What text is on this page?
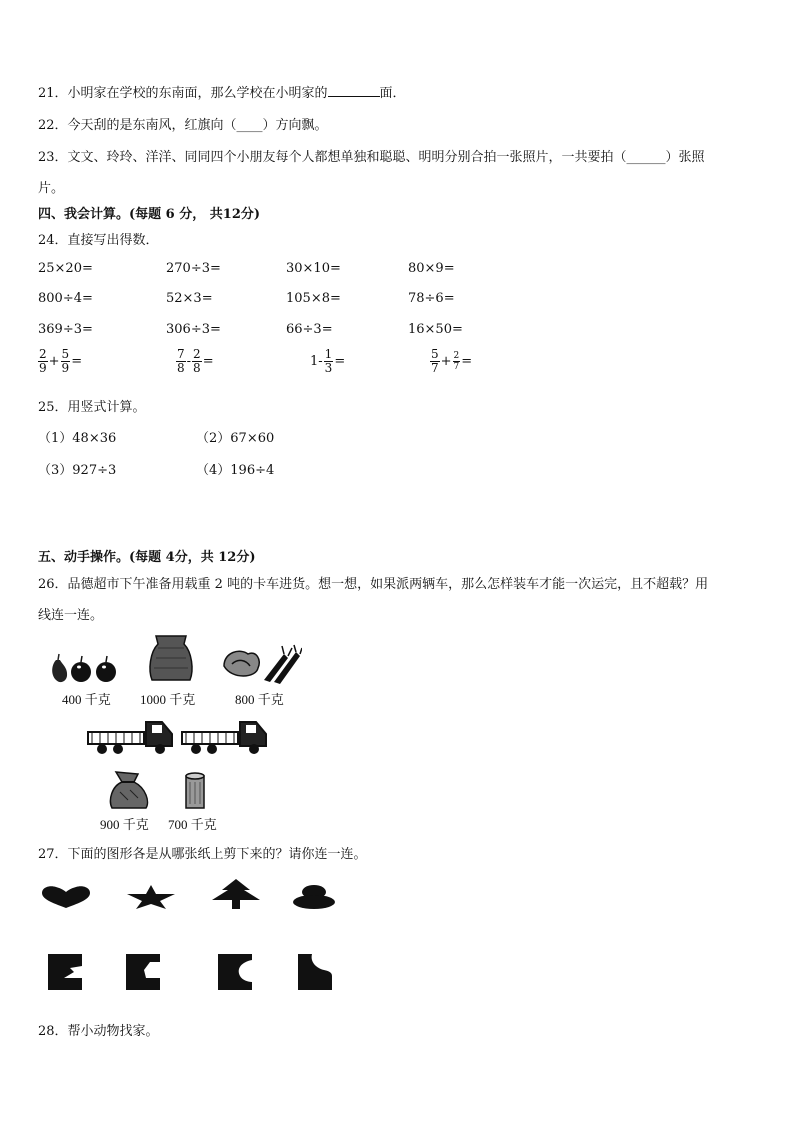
21．小明家在学校的东南面，那么学校在小明家的	面．
22．今天刮的是东南风，红旗向（____）方向飘。
23．文文、玲玲、洋洋、同同四个小朋友每个人都想单独和聪聪、明明分别合拍一张照片，一共要拍（______）张照
片。
四、我会计算。(每题 6 分， 共12分)
24．直接写出得数．
25×20=	270÷3=	30×10=	80×9=
800÷4=	52×3=	105×8=	78÷6=
369÷3=	306÷3=	66÷3=	16×50=
$\frac{2}{9} + \frac{5}{9}$ =	$\frac{7}{8} - \frac{2}{8}$ =	$1- \frac{1}{3}$ =	$\frac{5}{7} + \frac{2}{7}$ =
25．用竖式计算。
（1）48×36	（2）67×60
（3）927÷3	（4）196÷4
五、动手操作。(每题 4分，共 12分)
26．品德超市下午准备用载重 2 吨的卡车进货。想一想，如果派两辆车，那么怎样装车才能一次运完，且不超载？用
线连一连。
400 千克 1000 千克	800 千克
900 千克 700 千克
27．下面的图形各是从哪张纸上剪下来的？请你连一连。
28．帮小动物找家。
